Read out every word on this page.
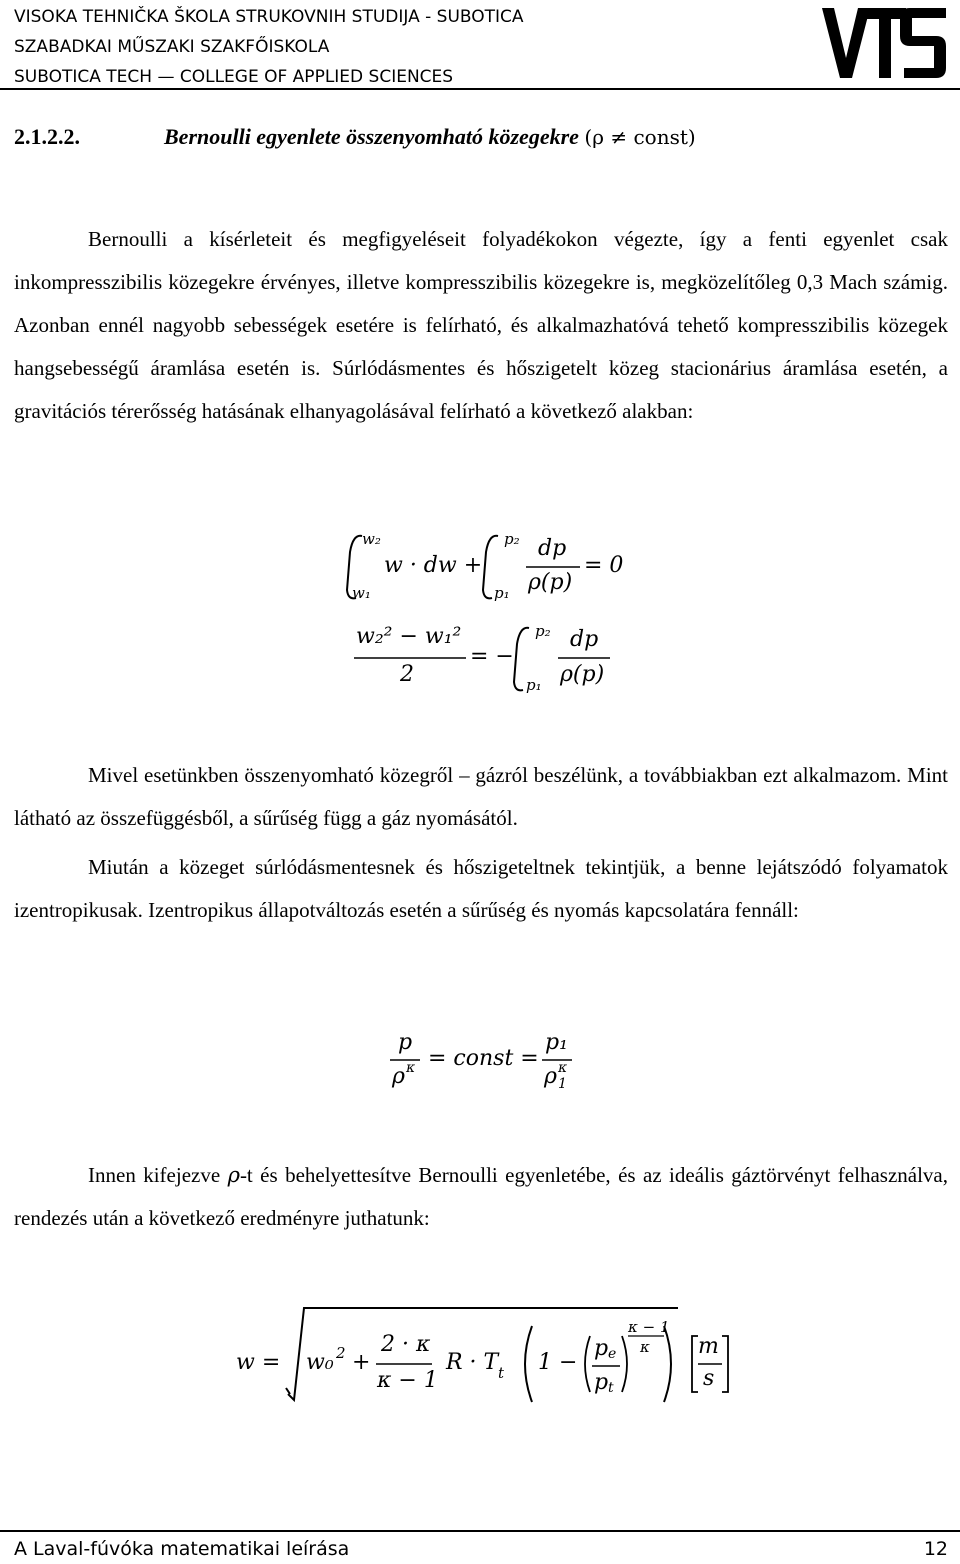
VISOKA TEHNIČKA ŠKOLA STRUKOVNIH STUDIJA - SUBOTICA
SZABADKAI MŰSZAKI SZAKFŐISKOLA
SUBOTICA TECH — COLLEGE OF APPLIED SCIENCES
2.1.2.2.	Bernoulli egyenlete összenyomható közegekre (ρ ≠ const)
Bernoulli a kísérleteit és megfigyeléseit folyadékokon végezte, így a fenti egyenlet csak inkompresszibilis közegekre érvényes, illetve kompresszibilis közegekre is, megközelítőleg 0,3 Mach számig. Azonban ennél nagyobb sebességek esetére is felírható, és alkalmazhatóvá tehető kompresszibilis közegek hangsebességű áramlása esetén is. Súrlódásmentes és hőszigetelt közeg stacionárius áramlása esetén, a gravitációs térerősség hatásának elhanyagolásával felírható a következő alakban:
w₂
w₁
w · dw +
p₂
p₁
dp
ρ(p)
= 0
w₂² − w₁²
2
= −
p₂
p₁
dp
ρ(p)
Mivel esetünkben összenyomható közegről – gázról beszélünk, a továbbiakban ezt alkalmazom. Mint látható az összefüggésből, a sűrűség függ a gáz nyomásától.
Miután a közeget súrlódásmentesnek és hőszigeteltnek tekintjük, a benne lejátszódó folyamatok izentropikusak. Izentropikus állapotváltozás esetén a sűrűség és nyomás kapcsolatára fennáll:
p
ρ κ = const =
p₁
ρ 1
κ
Innen kifejezve ρ-t és behelyettesítve Bernoulli egyenletébe, és az ideális gáztörvényt felhasználva, rendezés után a következő eredményre juthatunk:
w = w₀ 2 +
2 · κ
κ − 1
R · T t 1 −
p e
p t
κ − 1
κ m
s
A Laval-fúvóka matematikai leírása	12
